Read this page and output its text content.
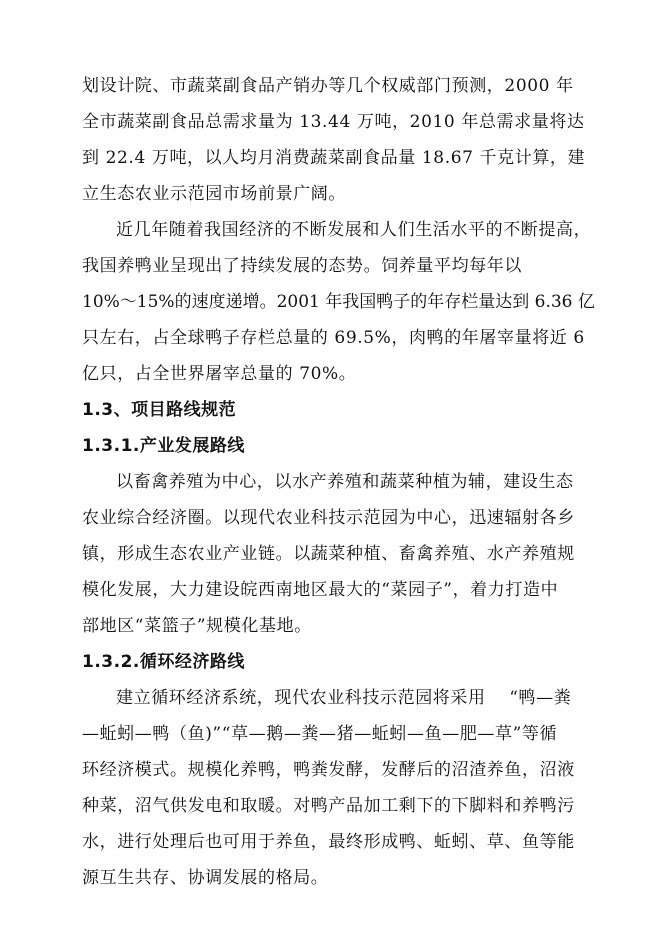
划设计院、市蔬菜副食品产销办等几个权威部门预测，2000 年
全市蔬菜副食品总需求量为 13.44 万吨，2010 年总需求量将达
到 22.4 万吨，以人均月消费蔬菜副食品量 18.67 千克计算，建
立生态农业示范园市场前景广阔。
近几年随着我国经济的不断发展和人们生活水平的不断提高，
我国养鸭业呈现出了持续发展的态势。饲养量平均每年以
10%～15%的速度递增。2001 年我国鸭子的年存栏量达到 6.36 亿
只左右，占全球鸭子存栏总量的 69.5%，肉鸭的年屠宰量将近 6
亿只，占全世界屠宰总量的 70%。
1.3、项目路线规范
1.3.1.产业发展路线
以畜禽养殖为中心，以水产养殖和蔬菜种植为辅，建设生态
农业综合经济圈。以现代农业科技示范园为中心，迅速辐射各乡
镇，形成生态农业产业链。以蔬菜种植、畜禽养殖、水产养殖规
模化发展，大力建设皖西南地区最大的“菜园子”，着力打造中
部地区“菜篮子”规模化基地。
1.3.2.循环经济路线
建立循环经济系统，现代农业科技示范园将采用 　“鸭—粪
—蚯蚓—鸭（鱼)”“草—鹅—粪—猪—蚯蚓—鱼—肥—草”等循
环经济模式。规模化养鸭，鸭粪发酵，发酵后的沼渣养鱼，沼液
种菜，沼气供发电和取暖。对鸭产品加工剩下的下脚料和养鸭污
水，进行处理后也可用于养鱼，最终形成鸭、蚯蚓、草、鱼等能
源互生共存、协调发展的格局。
